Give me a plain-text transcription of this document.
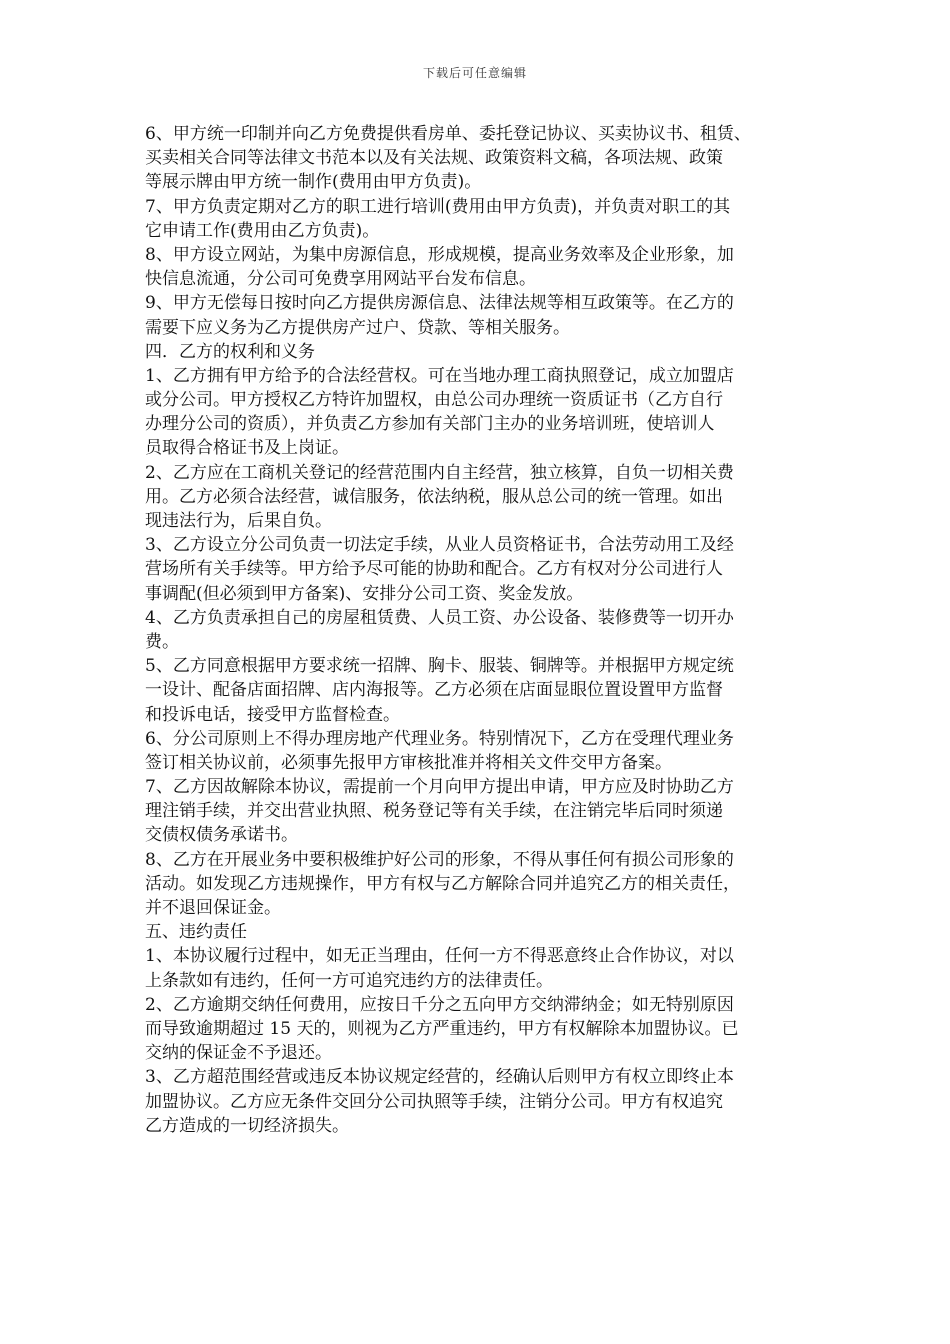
下载后可任意编辑
6、甲方统一印制并向乙方免费提供看房单、委托登记协议、买卖协议书、租赁、
买卖相关合同等法律文书范本以及有关法规、政策资料文稿，各项法规、政策
等展示牌由甲方统一制作(费用由甲方负责)。
7、甲方负责定期对乙方的职工进行培训(费用由甲方负责)，并负责对职工的其
它申请工作(费用由乙方负责)。
8、甲方设立网站，为集中房源信息，形成规模，提高业务效率及企业形象，加
快信息流通，分公司可免费享用网站平台发布信息。
9、甲方无偿每日按时向乙方提供房源信息、法律法规等相互政策等。在乙方的
需要下应义务为乙方提供房产过户、贷款、等相关服务。
四．乙方的权利和义务
1、乙方拥有甲方给予的合法经营权。可在当地办理工商执照登记，成立加盟店
或分公司。甲方授权乙方特许加盟权，由总公司办理统一资质证书（乙方自行
办理分公司的资质），并负责乙方参加有关部门主办的业务培训班，使培训人
员取得合格证书及上岗证。
2、乙方应在工商机关登记的经营范围内自主经营，独立核算，自负一切相关费
用。乙方必须合法经营，诚信服务，依法纳税，服从总公司的统一管理。如出
现违法行为，后果自负。
3、乙方设立分公司负责一切法定手续，从业人员资格证书，合法劳动用工及经
营场所有关手续等。甲方给予尽可能的协助和配合。乙方有权对分公司进行人
事调配(但必须到甲方备案)、安排分公司工资、奖金发放。
4、乙方负责承担自己的房屋租赁费、人员工资、办公设备、装修费等一切开办
费。
5、乙方同意根据甲方要求统一招牌、胸卡、服装、铜牌等。并根据甲方规定统
一设计、配备店面招牌、店内海报等。乙方必须在店面显眼位置设置甲方监督
和投诉电话，接受甲方监督检查。
6、分公司原则上不得办理房地产代理业务。特别情况下，乙方在受理代理业务
签订相关协议前，必须事先报甲方审核批准并将相关文件交甲方备案。
7、乙方因故解除本协议，需提前一个月向甲方提出申请，甲方应及时协助乙方
理注销手续，并交出营业执照、税务登记等有关手续，在注销完毕后同时须递
交债权债务承诺书。
8、乙方在开展业务中要积极维护好公司的形象，不得从事任何有损公司形象的
活动。如发现乙方违规操作，甲方有权与乙方解除合同并追究乙方的相关责任，
并不退回保证金。
五、违约责任
1、本协议履行过程中，如无正当理由，任何一方不得恶意终止合作协议，对以
上条款如有违约，任何一方可追究违约方的法律责任。
2、乙方逾期交纳任何费用，应按日千分之五向甲方交纳滞纳金；如无特别原因
而导致逾期超过 15 天的，则视为乙方严重违约，甲方有权解除本加盟协议。已
交纳的保证金不予退还。
3、乙方超范围经营或违反本协议规定经营的，经确认后则甲方有权立即终止本
加盟协议。乙方应无条件交回分公司执照等手续，注销分公司。甲方有权追究
乙方造成的一切经济损失。
